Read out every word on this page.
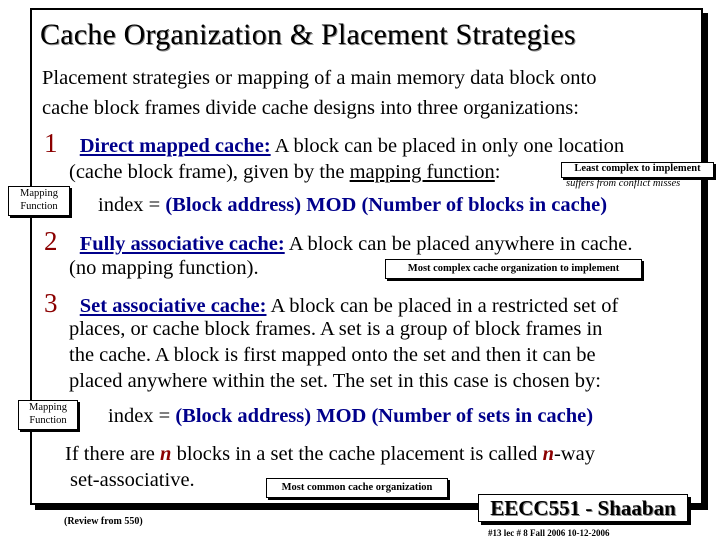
Cache Organization & Placement Strategies
Placement strategies or mapping of a main memory data block onto
cache block frames divide cache designs into three organizations:
1 Direct mapped cache: A block can be placed in only one location
(cache block frame), given by the mapping function:	Least complex to implement
suffers from conflict misses
Mapping
Function	index = (Block address) MOD (Number of blocks in cache)
2 Fully associative cache: A block can be placed anywhere in cache.
(no mapping function).	Most complex cache organization to implement
3 Set associative cache: A block can be placed in a restricted set of
places, or cache block frames. A set is a group of block frames in
the cache. A block is first mapped onto the set and then it can be
placed anywhere within the set. The set in this case is chosen by:
Mapping
Function	index = (Block address) MOD (Number of sets in cache)
If there are n blocks in a set the cache placement is called n-way
set-associative.	Most common cache organization
(Review from 550)
EECC551 - Shaaban
#13 lec # 8 Fall 2006 10-12-2006
